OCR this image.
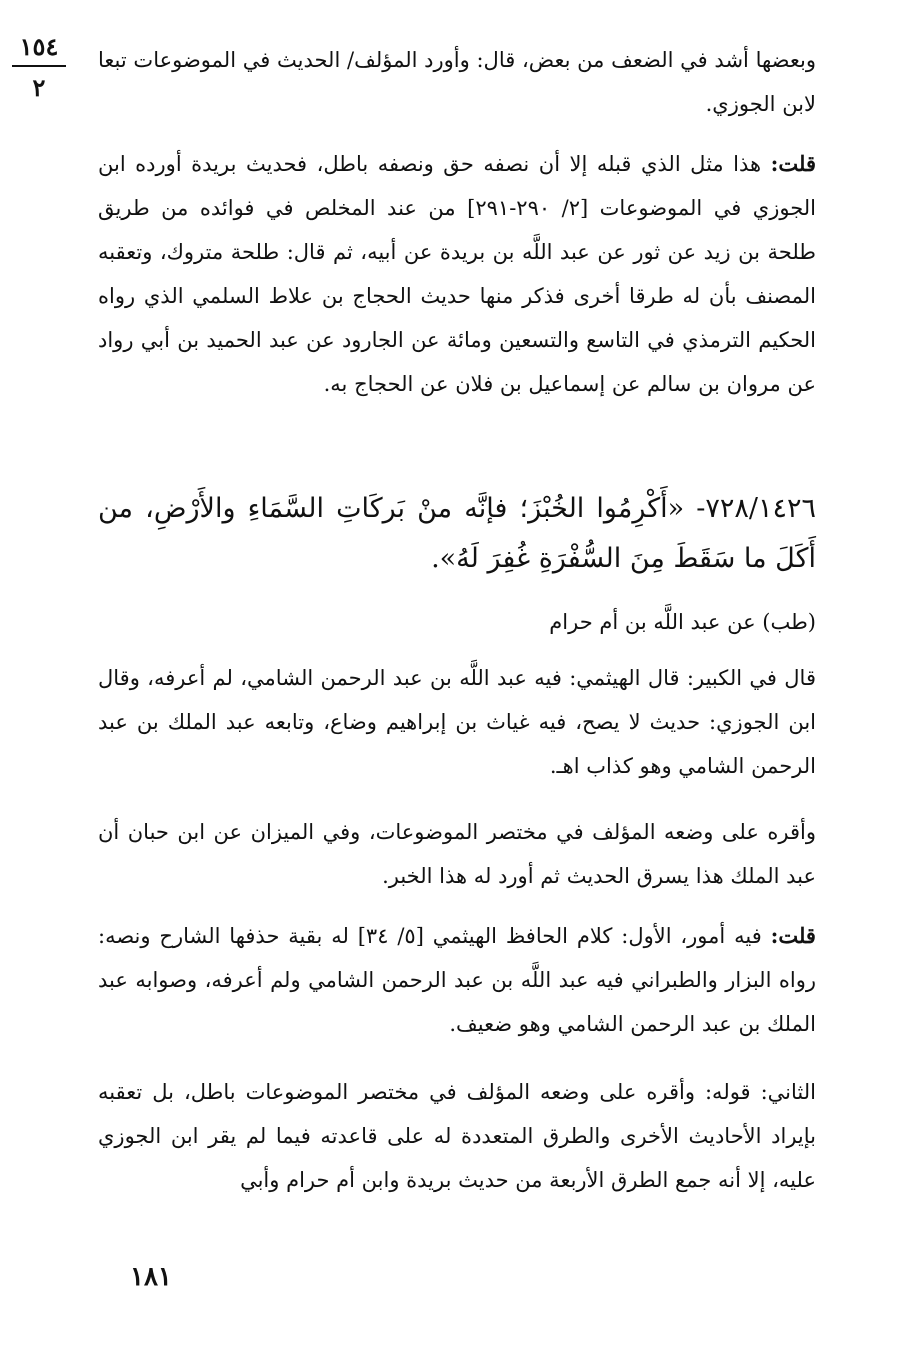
١٥٤
٢

وبعضها أشد في الضعف من بعض، قال: وأورد المؤلف/ الحديث في الموضوعات تبعا لابن الجوزي.

قلت: هذا مثل الذي قبله إلا أن نصفه حق ونصفه باطل، فحديث بريدة أورده ابن الجوزي في الموضوعات [٢/ ٢٩٠-٢٩١] من عند المخلص في فوائده من طريق طلحة بن زيد عن ثور عن عبد اللَّه بن بريدة عن أبيه، ثم قال: طلحة متروك، وتعقبه المصنف بأن له طرقا أخرى فذكر منها حديث الحجاج بن علاط السلمي الذي رواه الحكيم الترمذي في التاسع والتسعين ومائة عن الجارود عن عبد الحميد بن أبي رواد عن مروان بن سالم عن إسماعيل بن فلان عن الحجاج به.

٧٢٨/١٤٢٦- «أَكْرِمُوا الخُبْزَ؛ فإنَّه منْ بَركَاتِ السَّمَاءِ والأَرْضِ، من أَكَلَ ما سَقَطَ مِنَ السُّفْرَةِ غُفِرَ لَهُ».

(طب) عن عبد اللَّه بن أم حرام

قال في الكبير: قال الهيثمي: فيه عبد اللَّه بن عبد الرحمن الشامي، لم أعرفه، وقال ابن الجوزي: حديث لا يصح، فيه غياث بن إبراهيم وضاع، وتابعه عبد الملك بن عبد الرحمن الشامي وهو كذاب اهـ.

وأقره على وضعه المؤلف في مختصر الموضوعات، وفي الميزان عن ابن حبان أن عبد الملك هذا يسرق الحديث ثم أورد له هذا الخبر.

قلت: فيه أمور، الأول: كلام الحافظ الهيثمي [٥/ ٣٤] له بقية حذفها الشارح ونصه: رواه البزار والطبراني فيه عبد اللَّه بن عبد الرحمن الشامي ولم أعرفه، وصوابه عبد الملك بن عبد الرحمن الشامي وهو ضعيف.

الثاني: قوله: وأقره على وضعه المؤلف في مختصر الموضوعات باطل، بل تعقبه بإيراد الأحاديث الأخرى والطرق المتعددة له على قاعدته فيما لم يقر ابن الجوزي عليه، إلا أنه جمع الطرق الأربعة من حديث بريدة وابن أم حرام وأبي

١٨١
